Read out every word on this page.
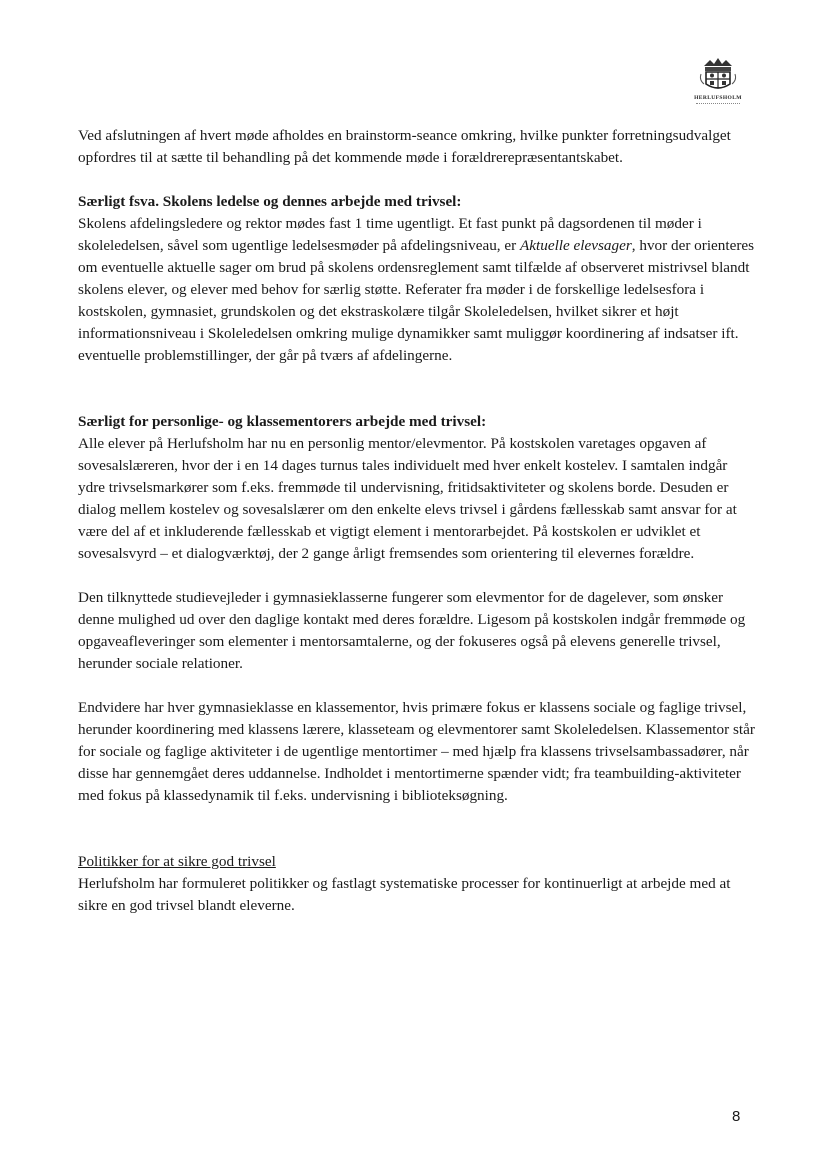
HERLUFSHOLM

Ved afslutningen af hvert møde afholdes en brainstorm-seance omkring, hvilke punkter forretningsudvalget opfordres til at sætte til behandling på det kommende møde i forældrerepræsentantskabet.

Særligt fsva. Skolens ledelse og dennes arbejde med trivsel:

Skolens afdelingsledere og rektor mødes fast 1 time ugentligt. Et fast punkt på dagsordenen til møder i skoleledelsen, såvel som ugentlige ledelsesmøder på afdelingsniveau, er Aktuelle elevsager, hvor der orienteres om eventuelle aktuelle sager om brud på skolens ordensreglement samt tilfælde af observeret mistrivsel blandt skolens elever, og elever med behov for særlig støtte. Referater fra møder i de forskellige ledelsesfora i kostskolen, gymnasiet, grundskolen og det ekstraskolære tilgår Skoleledelsen, hvilket sikrer et højt informationsniveau i Skoleledelsen omkring mulige dynamikker samt muliggør koordinering af indsatser ift. eventuelle problemstillinger, der går på tværs af afdelingerne.

Særligt for personlige- og klassementorers arbejde med trivsel:

Alle elever på Herlufsholm har nu en personlig mentor/elevmentor. På kostskolen varetages opgaven af sovesalslæreren, hvor der i en 14 dages turnus tales individuelt med hver enkelt kostelev. I samtalen indgår ydre trivselsmarkører som f.eks. fremmøde til undervisning, fritidsaktiviteter og skolens borde. Desuden er dialog mellem kostelev og sovesalslærer om den enkelte elevs trivsel i gårdens fællesskab samt ansvar for at være del af et inkluderende fællesskab et vigtigt element i mentorarbejdet. På kostskolen er udviklet et sovesalsvyrd – et dialogværktøj, der 2 gange årligt fremsendes som orientering til elevernes forældre.

Den tilknyttede studievejleder i gymnasieklasserne fungerer som elevmentor for de dagelever, som ønsker denne mulighed ud over den daglige kontakt med deres forældre. Ligesom på kostskolen indgår fremmøde og opgaveafleveringer som elementer i mentorsamtalerne, og der fokuseres også på elevens generelle trivsel, herunder sociale relationer.

Endvidere har hver gymnasieklasse en klassementor, hvis primære fokus er klassens sociale og faglige trivsel, herunder koordinering med klassens lærere, klasseteam og elevmentorer samt Skoleledelsen. Klassementor står for sociale og faglige aktiviteter i de ugentlige mentortimer – med hjælp fra klassens trivselsambassadører, når disse har gennemgået deres uddannelse. Indholdet i mentortimerne spænder vidt; fra teambuilding-aktiviteter med fokus på klassedynamik til f.eks. undervisning i biblioteksøgning.

Politikker for at sikre god trivsel

Herlufsholm har formuleret politikker og fastlagt systematiske processer for kontinuerligt at arbejde med at sikre en god trivsel blandt eleverne.

8
